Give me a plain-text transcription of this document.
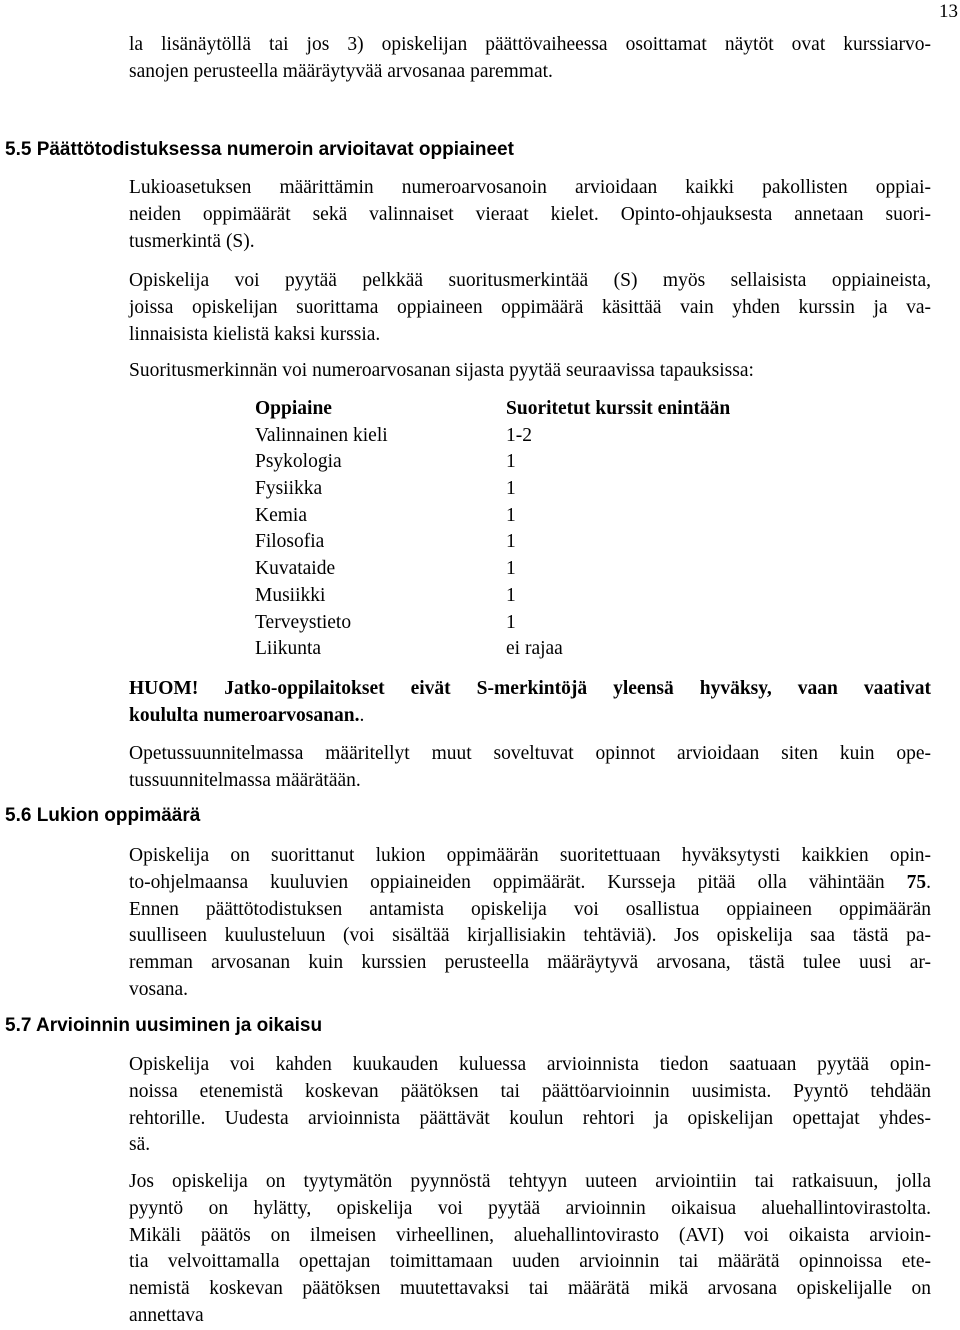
13

la lisänäytöllä tai jos 3) opiskelijan päättövaiheessa osoittamat näytöt ovat kurssiarvo-
sanojen perusteella määräytyvää arvosanaa paremmat.

5.5 Päättötodistuksessa numeroin arvioitavat oppiaineet

Lukioasetuksen määrittämin numeroarvosanoin arvioidaan kaikki pakollisten oppiai-
neiden oppimäärät sekä valinnaiset vieraat kielet. Opinto-ohjauksesta annetaan suori-
tusmerkintä (S).

Opiskelija voi pyytää pelkkää suoritusmerkintää (S) myös sellaisista oppiaineista,
joissa opiskelijan suorittama oppiaineen oppimäärä käsittää vain yhden kurssin ja va-
linnaisista kielistä kaksi kurssia.

Suoritusmerkinnän voi numeroarvosanan sijasta pyytää seuraavissa tapauksissa:

Oppiaine	Suoritetut kurssit enintään
Valinnainen kieli	1-2
Psykologia	1
Fysiikka	1
Kemia	1
Filosofia	1
Kuvataide	1
Musiikki	1
Terveystieto	1
Liikunta	ei rajaa

HUOM! Jatko-oppilaitokset eivät S-merkintöjä yleensä hyväksy, vaan vaativat
koululta numeroarvosanan..

Opetussuunnitelmassa määritellyt muut soveltuvat opinnot arvioidaan siten kuin ope-
tussuunnitelmassa määrätään.

5.6 Lukion oppimäärä

Opiskelija on suorittanut lukion oppimäärän suoritettuaan hyväksytysti kaikkien opin-
to-ohjelmaansa kuuluvien oppiaineiden oppimäärät. Kursseja pitää olla vähintään 75.
Ennen päättötodistuksen antamista opiskelija voi osallistua oppiaineen oppimäärän
suulliseen kuulusteluun (voi sisältää kirjallisiakin tehtäviä). Jos opiskelija saa tästä pa-
remman arvosanan kuin kurssien perusteella määräytyvä arvosana, tästä tulee uusi ar-
vosana.

5.7 Arvioinnin uusiminen ja oikaisu

Opiskelija voi kahden kuukauden kuluessa arvioinnista tiedon saatuaan pyytää opin-
noissa etenemistä koskevan päätöksen tai päättöarvioinnin uusimista. Pyyntö tehdään
rehtorille. Uudesta arvioinnista päättävät koulun rehtori ja opiskelijan opettajat yhdes-
sä.

Jos opiskelija on tyytymätön pyynnöstä tehtyyn uuteen arviointiin tai ratkaisuun, jolla
pyyntö on hylätty, opiskelija voi pyytää arvioinnin oikaisua aluehallintovirastolta.
Mikäli päätös on ilmeisen virheellinen, aluehallintovirasto (AVI) voi oikaista arvioin-
tia velvoittamalla opettajan toimittamaan uuden arvioinnin tai määrätä opinnoissa ete-
nemistä koskevan päätöksen muutettavaksi tai määrätä mikä arvosana opiskelijalle on
annettava
